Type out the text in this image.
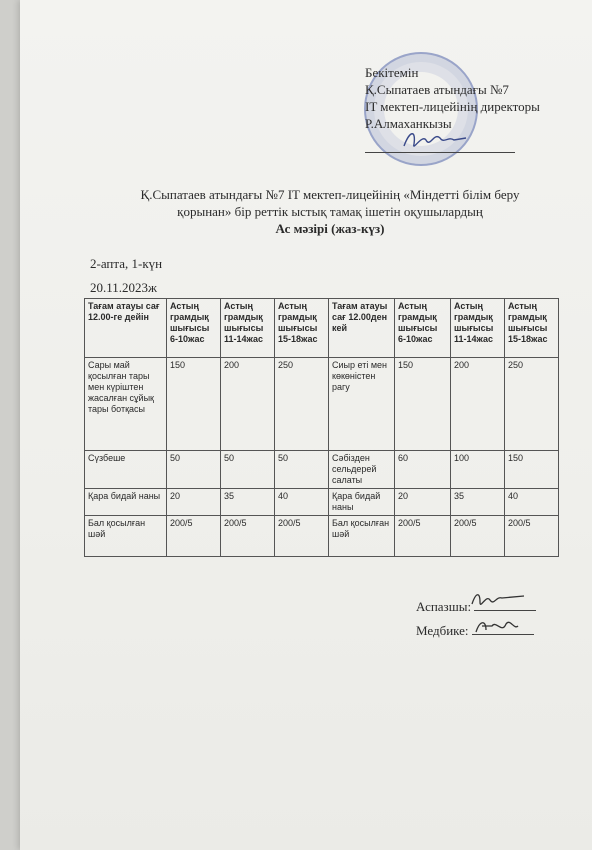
Бекітемін
Қ.Сыпатаев атындағы №7
IT мектеп-лицейінің директоры
Р.Алмаханкызы
Қ.Сыпатаев атындағы №7 IT мектеп-лицейінің «Міндетті білім беру
қорынан» бір реттік ыстық тамақ ішетін оқушылардың
Ас мәзірі (жаз-күз)
2-апта, 1-күн
20.11.2023ж
Тағам атауы сағ 12.00-ге дейін	Астың грамдық шығысы 6-10жас	Астың грамдық шығысы 11-14жас	Астың грамдық шығысы 15-18жас	Тағам атауы сағ 12.00ден кей	Астың грамдық шығысы 6-10жас	Астың грамдық шығысы 11-14жас	Астың грамдық шығысы 15-18жас
Сары май қосылған тары мен күріштен жасалған сұйық тары ботқасы	150	200	250	Сиыр еті мен көкөністен рагу	150	200	250
Сүзбеше	50	50	50	Сәбізден сельдерей салаты	60	100	150
Қара бидай наны	20	35	40	Қара бидай наны	20	35	40
Бал қосылған шәй	200/5	200/5	200/5	Бал қосылған шәй	200/5	200/5	200/5
Аспазшы:
Медбике:
